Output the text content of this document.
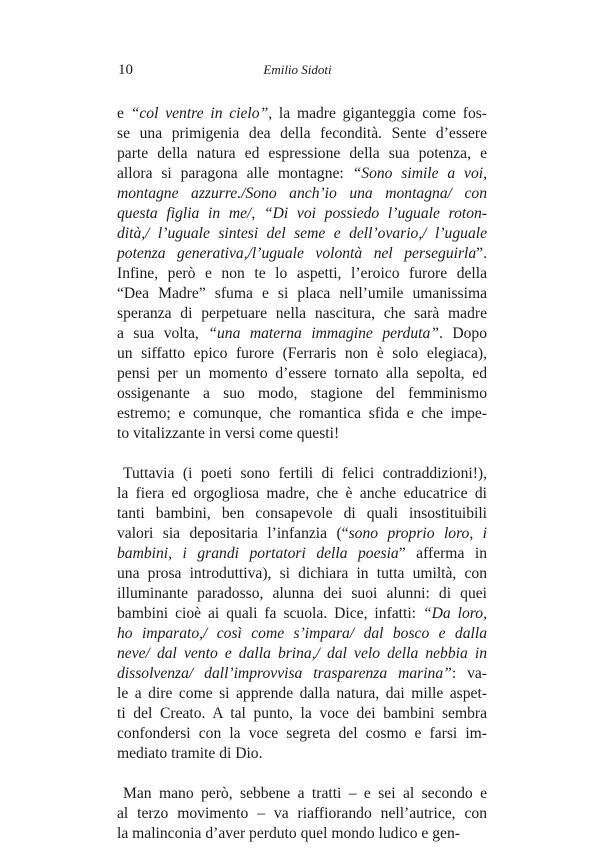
10	Emilio Sidoti
e “col ventre in cielo”, la madre giganteggia come fos-
se una primigenia dea della fecondità. Sente d’essere
parte della natura ed espressione della sua potenza, e
allora si paragona alle montagne: “Sono simile a voi,
montagne azzurre./Sono anch’io una montagna/ con
questa figlia in me/, “Di voi possiedo l’uguale roton-
dità,/ l’uguale sintesi del seme e dell’ovario,/ l’uguale
potenza generativa,/l’uguale volontà nel perseguirla”.
Infine, però e non te lo aspetti, l’eroico furore della
“Dea Madre” sfuma e si placa nell’umile umanissima
speranza di perpetuare nella nascitura, che sarà madre
a sua volta, “una materna immagine perduta”. Dopo
un siffatto epico furore (Ferraris non è solo elegiaca),
pensi per un momento d’essere tornato alla sepolta, ed
ossigenante a suo modo, stagione del femminismo
estremo; e comunque, che romantica sfida e che impe-
to vitalizzante in versi come questi!
Tuttavia (i poeti sono fertili di felici contraddizioni!),
la fiera ed orgogliosa madre, che è anche educatrice di
tanti bambini, ben consapevole di quali insostituibili
valori sia depositaria l’infanzia (“sono proprio loro, i
bambini, i grandi portatori della poesia” afferma in
una prosa introduttiva), si dichiara in tutta umiltà, con
illuminante paradosso, alunna dei suoi alunni: di quei
bambini cioè ai quali fa scuola. Dice, infatti: “Da loro,
ho imparato,/ così come s’impara/ dal bosco e dalla
neve/ dal vento e dalla brina,/ dal velo della nebbia in
dissolvenza/ dall’improvvisa trasparenza marina”: va-
le a dire come si apprende dalla natura, dai mille aspet-
ti del Creato. A tal punto, la voce dei bambini sembra
confondersi con la voce segreta del cosmo e farsi im-
mediato tramite di Dio.
Man mano però, sebbene a tratti – e sei al secondo e
al terzo movimento – va riaffiorando nell’autrice, con
la malinconia d’aver perduto quel mondo ludico e gen-
